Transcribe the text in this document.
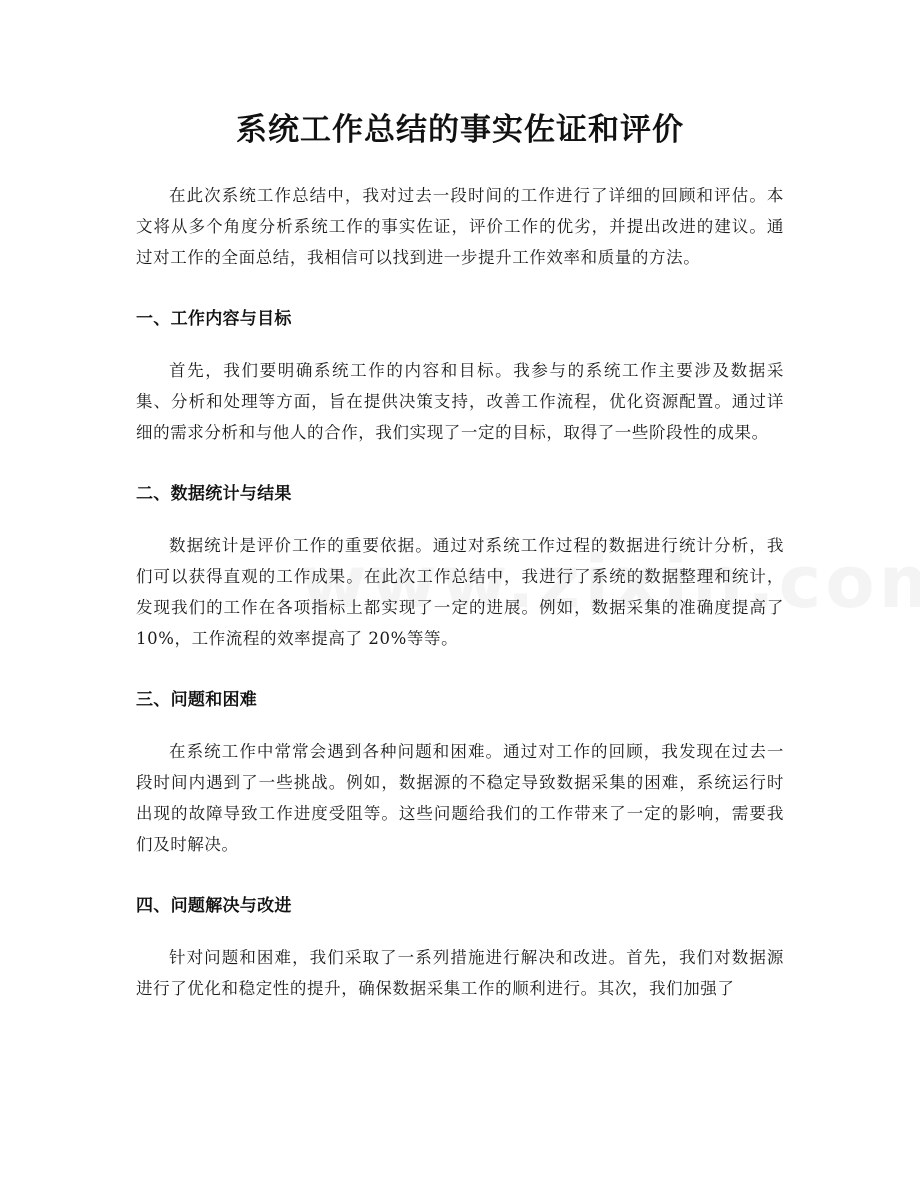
系统工作总结的事实佐证和评价

在此次系统工作总结中，我对过去一段时间的工作进行了详细的回顾和评估。本文将从多个角度分析系统工作的事实佐证，评价工作的优劣，并提出改进的建议。通过对工作的全面总结，我相信可以找到进一步提升工作效率和质量的方法。

一、工作内容与目标

首先，我们要明确系统工作的内容和目标。我参与的系统工作主要涉及数据采集、分析和处理等方面，旨在提供决策支持，改善工作流程，优化资源配置。通过详细的需求分析和与他人的合作，我们实现了一定的目标，取得了一些阶段性的成果。

二、数据统计与结果

数据统计是评价工作的重要依据。通过对系统工作过程的数据进行统计分析，我们可以获得直观的工作成果。在此次工作总结中，我进行了系统的数据整理和统计，发现我们的工作在各项指标上都实现了一定的进展。例如，数据采集的准确度提高了 10%，工作流程的效率提高了 20%等等。

三、问题和困难

在系统工作中常常会遇到各种问题和困难。通过对工作的回顾，我发现在过去一段时间内遇到了一些挑战。例如，数据源的不稳定导致数据采集的困难，系统运行时出现的故障导致工作进度受阻等。这些问题给我们的工作带来了一定的影响，需要我们及时解决。

四、问题解决与改进

针对问题和困难，我们采取了一系列措施进行解决和改进。首先，我们对数据源进行了优化和稳定性的提升，确保数据采集工作的顺利进行。其次，我们加强了
